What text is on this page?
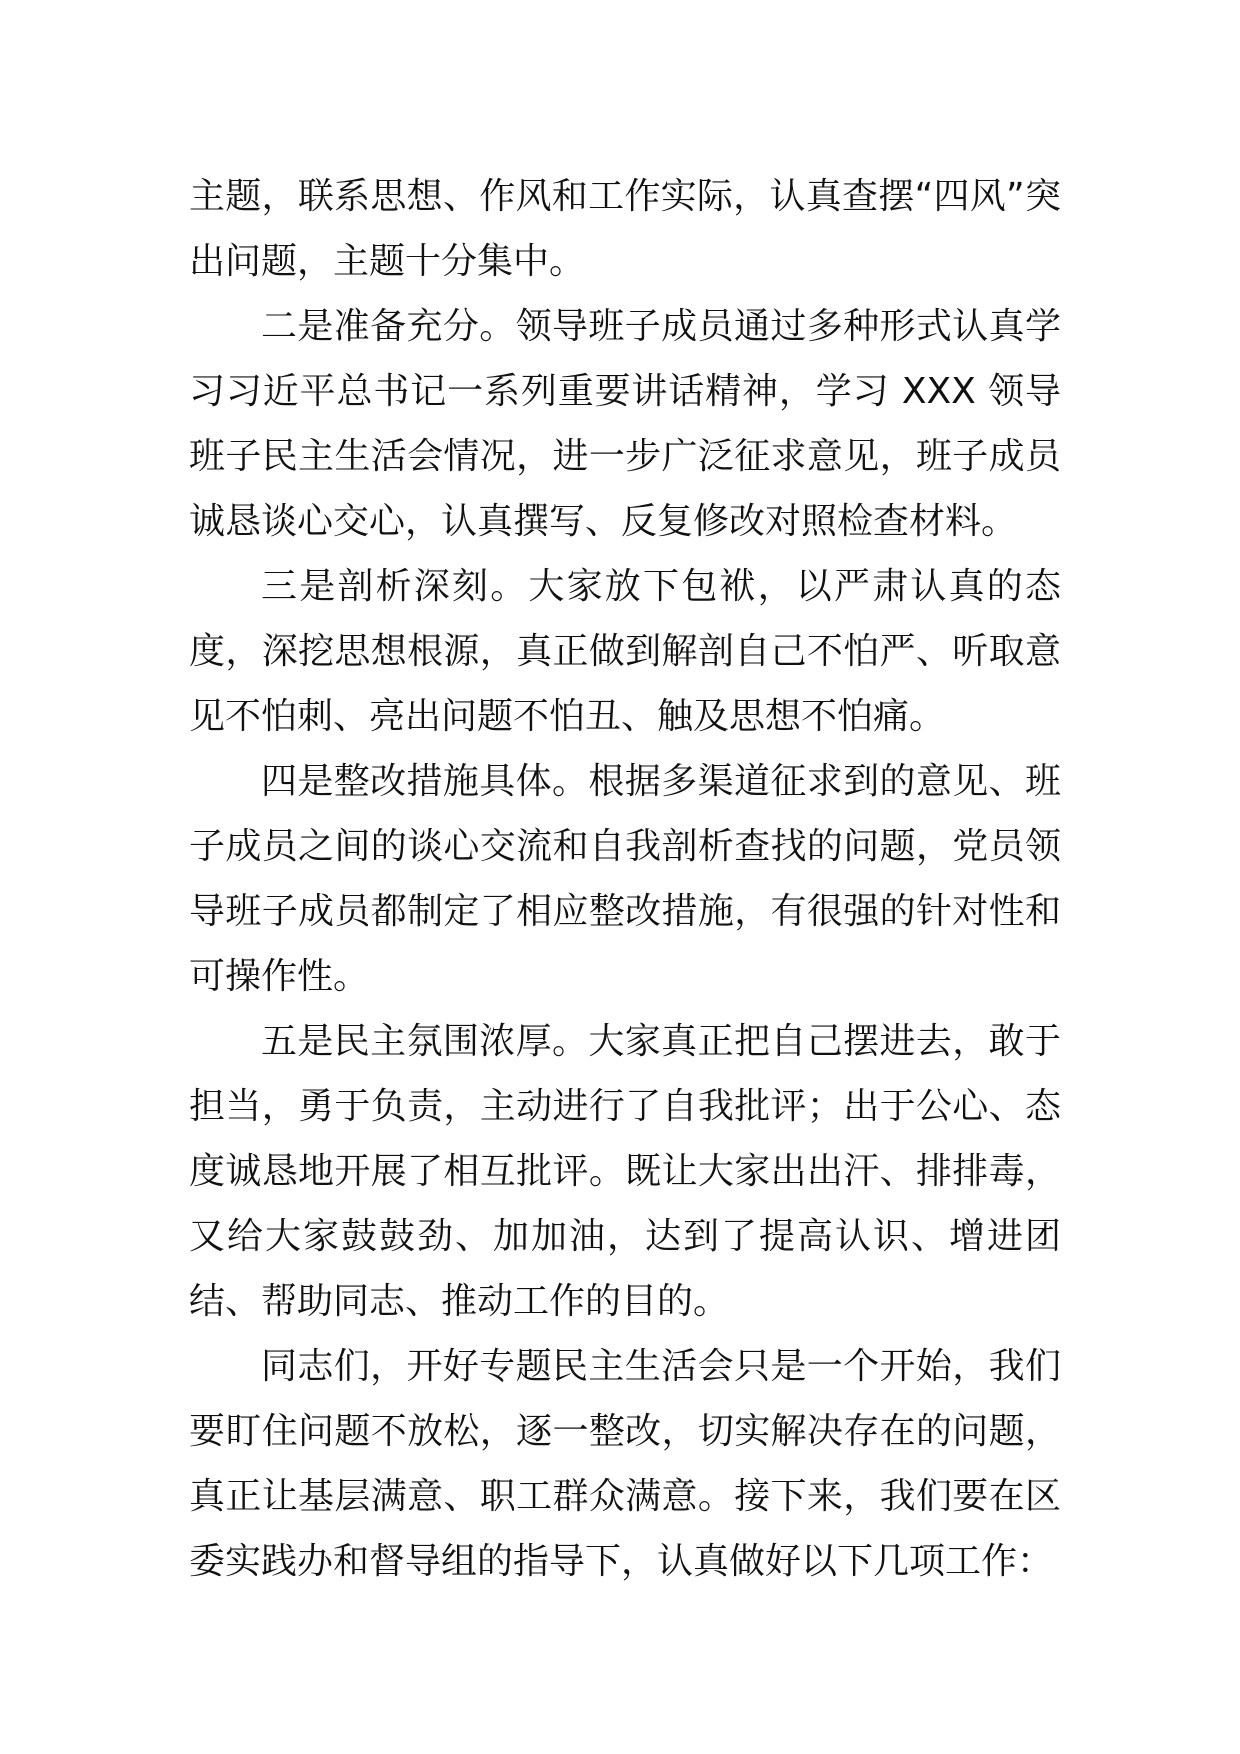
主题，联系思想、作风和工作实际，认真查摆“四风”突出问题，主题十分集中。

二是准备充分。领导班子成员通过多种形式认真学习习近平总书记一系列重要讲话精神，学习 XXX 领导班子民主生活会情况，进一步广泛征求意见，班子成员诚恳谈心交心，认真撰写、反复修改对照检查材料。

三是剖析深刻。大家放下包袱，以严肃认真的态度，深挖思想根源，真正做到解剖自己不怕严、听取意见不怕刺、亮出问题不怕丑、触及思想不怕痛。

四是整改措施具体。根据多渠道征求到的意见、班子成员之间的谈心交流和自我剖析查找的问题，党员领导班子成员都制定了相应整改措施，有很强的针对性和可操作性。

五是民主氛围浓厚。大家真正把自己摆进去，敢于担当，勇于负责，主动进行了自我批评；出于公心、态度诚恳地开展了相互批评。既让大家出出汗、排排毒，又给大家鼓鼓劲、加加油，达到了提高认识、增进团结、帮助同志、推动工作的目的。

同志们，开好专题民主生活会只是一个开始，我们要盯住问题不放松，逐一整改，切实解决存在的问题，真正让基层满意、职工群众满意。接下来，我们要在区委实践办和督导组的指导下，认真做好以下几项工作：
